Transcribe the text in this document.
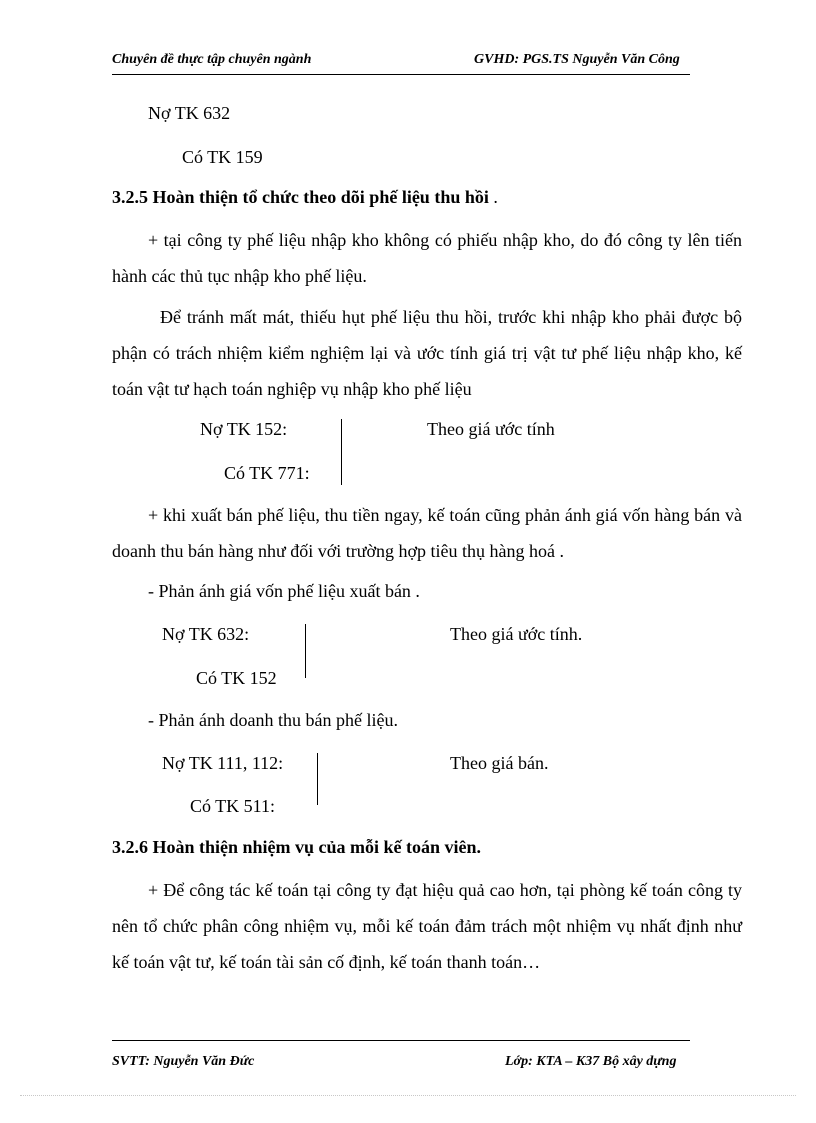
Chuyên đề thực tập chuyên ngành	GVHD: PGS.TS Nguyễn Văn Công
Nợ TK 632
Có TK 159
3.2.5 Hoàn thiện tổ chức theo dõi phế liệu thu hồi .
+ tại công ty phế liệu nhập kho không có phiếu nhập kho, do đó công ty lên tiến hành các thủ tục nhập kho phế liệu.
Để tránh mất mát, thiếu hụt phế liệu thu hồi, trước khi nhập kho phải được bộ phận có trách nhiệm kiểm nghiệm lại và ước tính giá trị vật tư phế liệu nhập kho, kế toán vật tư hạch toán nghiệp vụ nhập kho phế liệu
Nợ TK 152:
Có TK 771:
Theo giá ước tính
+ khi xuất bán phế liệu, thu tiền ngay, kế toán cũng phản ánh giá vốn hàng bán và doanh thu bán hàng như đối với trường hợp tiêu thụ hàng hoá .
- Phản ánh giá vốn phế liệu xuất bán .
Nợ TK 632:
Có TK 152
Theo giá ước tính.
- Phản ánh doanh thu bán phế liệu.
Nợ TK 111, 112:
Có TK 511:
Theo giá bán.
3.2.6 Hoàn thiện nhiệm vụ của mỗi kế toán viên.
+ Để công tác kế toán tại công ty đạt hiệu quả cao hơn, tại phòng kế toán công ty nên tổ chức phân công nhiệm vụ, mỗi kế toán đảm trách một nhiệm vụ nhất định như kế toán vật tư, kế toán tài sản cố định, kế toán thanh toán…
SVTT: Nguyễn Văn Đức	Lớp: KTA – K37 Bộ xây dựng
